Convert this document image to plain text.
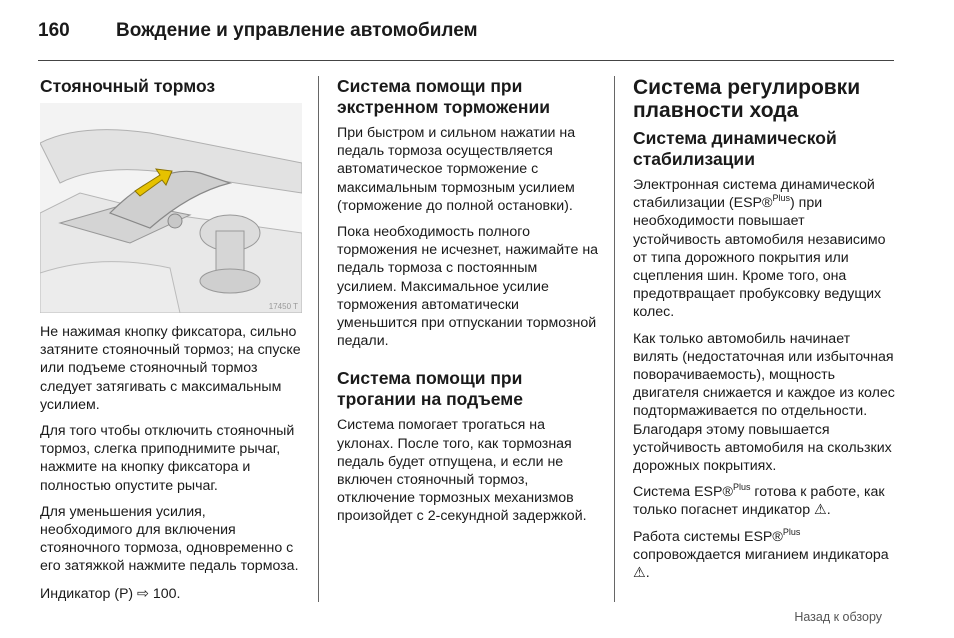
160 Вождение и управление автомобилем
Стояночный тормоз
17450 T

Не нажимая кнопку фиксатора, сильно затяните стояночный тормоз; на спуске или подъеме стояночный тормоз следует затягивать с максимальным усилием.

Для того чтобы отключить стояночный тормоз, слегка приподнимите рычаг, нажмите на кнопку фиксатора и полностью опустите рычаг.

Для уменьшения усилия, необходимого для включения стояночного тормоза, одновременно с его затяжкой нажмите педаль тормоза.

Индикатор (P) ⇨ 100.

Система помощи при экстренном торможении

При быстром и сильном нажатии на педаль тормоза осуществляется автоматическое торможение с максимальным тормозным усилием (торможение до полной остановки).

Пока необходимость полного торможения не исчезнет, нажимайте на педаль тормоза с постоянным усилием. Максимальное усилие торможения автоматически уменьшится при отпускании тормозной педали.

Система помощи при трогании на подъеме

Система помогает трогаться на уклонах. После того, как тормозная педаль будет отпущена, и если не включен стояночный тормоз, отключение тормозных механизмов произойдет с 2-секундной задержкой.

Система регулировки плавности хода
Система динамической стабилизации

Электронная система динамической стабилизации (ESP®$^{Plus}$) при необходимости повышает устойчивость автомобиля независимо от типа дорожного покрытия или сцепления шин. Кроме того, она предотвращает пробуксовку ведущих колес.

Как только автомобиль начинает вилять (недостаточная или избыточная поворачиваемость), мощность двигателя снижается и каждое из колес подтормаживается по отдельности. Благодаря этому повышается устойчивость автомобиля на скользких дорожных покрытиях.

Система ESP®$^{Plus}$ готова к работе, как только погаснет индикатор ⚠.

Работа системы ESP®$^{Plus}$ сопровождается миганием индикатора ⚠.

Назад к обзору
